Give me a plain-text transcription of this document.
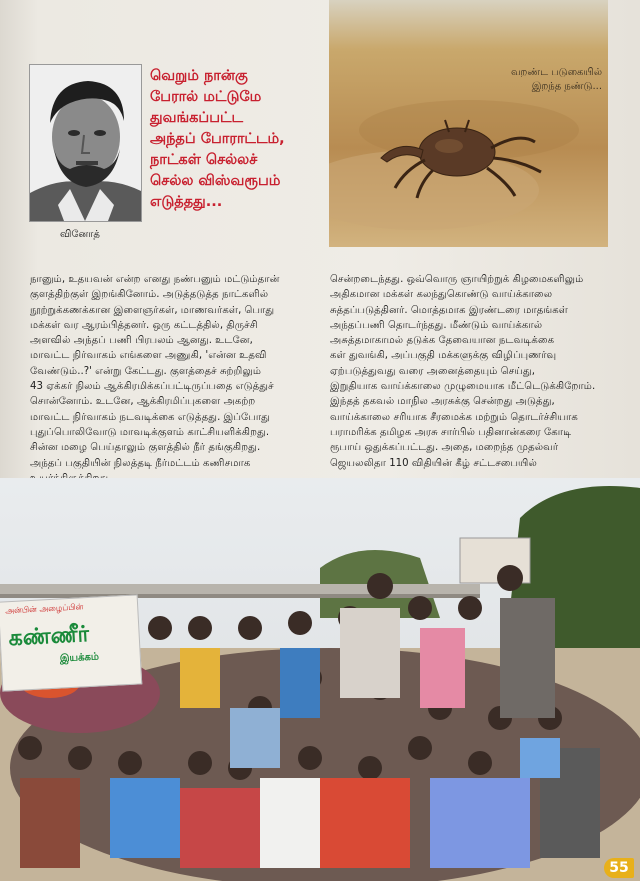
வினோத்
வெறும் நான்கு
பேரால் மட்டுமே
துவங்கப்பட்ட
அந்தப் போராட்டம்,
நாட்கள் செல்லச்
செல்ல விஸ்வரூபம்
எடுத்தது...
வறண்ட படுகையில்
இறந்த நண்டு...

நானும், உதயவன் என்ற எனது நண்பனும் மட்டும்தான்
குளத்திற்குள் இறங்கினோம். அடுத்தடுத்த நாட்களில்
நூற்றுக்கணக்கான இளைஞர்கள், மாணவர்கள், பொது
மக்கள் வர ஆரம்பித்தனர். ஒரு கட்டத்தில், திருச்சி
அளவில் அந்தப் பணி பிரபலம் ஆனது. உடனே,
மாவட்ட நிர்வாகம் எங்களை அணுகி, 'என்ன உதவி
வேண்டும்..?' என்று கேட்டது. குளத்தைச் சுற்றிலும்
43 ஏக்கர் நிலம் ஆக்கிரமிக்கப்பட்டிருப்பதை எடுத்துச்
சொன்னோம். உடனே, ஆக்கிரமிப்புகளை அகற்ற
மாவட்ட நிர்வாகம் நடவடிக்கை எடுத்தது. இப்போது
புதுப்பொலிவோடு மாவடிக்குளம் காட்சியளிக்கிறது.
சின்ன மழை பெய்தாலும் குளத்தில் நீர் தங்குகிறது.
அந்தப் பகுதியின் நிலத்தடி நீர்மட்டம் கணிசமாக

சென்றடைந்தது. ஒவ்வொரு ஞாயிற்றுக் கிழமைகளிலும்
அதிகமான மக்கள் கலந்துகொண்டு வாய்க்காலை
சுத்தப்படுத்தினர். மொத்தமாக இரண்டரை மாதங்கள்
அந்தப்பணி தொடர்ந்தது. மீண்டும் வாய்க்கால்
அசுத்தமாகாமல் தடுக்க தேவையான நடவடிக்கை
கள் துவங்கி, அப்பகுதி மக்களுக்கு விழிப்புணர்வு
ஏற்படுத்துவது வரை அனைத்தையும் செய்து,
இறுதியாக வாய்க்காலை முழுமையாக மீட்டெடுக்கிறோம்.
இந்தத் தகவல் மாநில அரசுக்கு சென்றது அடுத்து,
வாய்க்காலை சரியாக சீரமைக்க மற்றும் தொடர்ச்சியாக
பராமரிக்க தமிழக அரசு சார்பில் பதினான்கரை கோடி
ரூபாய் ஒதுக்கப்பட்டது. அதை, மறைந்த முதல்வர்
ஜெயலலிதா 110 விதியின் கீழ் சட்டசபையில்

அன்பின் அழைப்பின்
கண்ணீர்
இயக்கம்
55
